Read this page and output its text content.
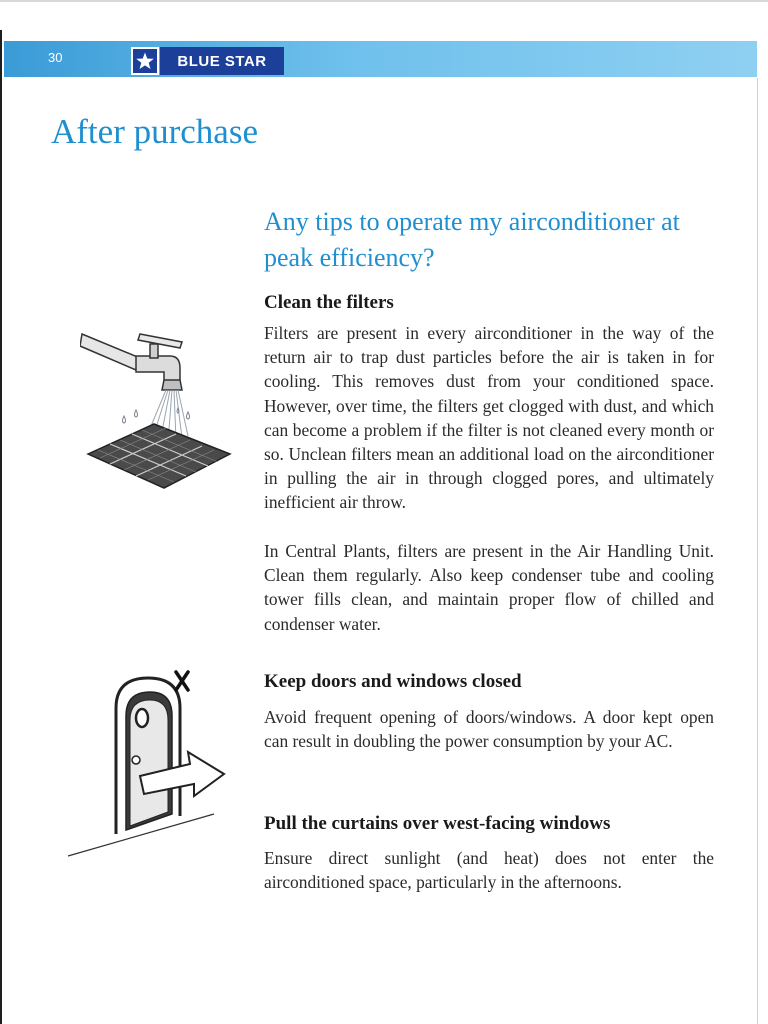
30	BLUE STAR
After purchase
Any tips to operate my airconditioner at peak efficiency?
Clean the filters

Filters are present in every airconditioner in the way of the return air to trap dust particles before the air is taken in for cooling. This removes dust from your conditioned space. However, over time, the filters get clogged with dust, and which can become a problem if the filter is not cleaned every month or so. Unclean filters mean an additional load on the airconditioner in pulling the air in through clogged pores, and ultimately inefficient air throw.

In Central Plants, filters are present in the Air Handling Unit. Clean them regularly. Also keep condenser tube and cooling tower fills clean, and maintain proper flow of chilled and condenser water.

Keep doors and windows closed

Avoid frequent opening of doors/windows. A door kept open can result in doubling the power consumption by your AC.

Pull the curtains over west-facing windows

Ensure direct sunlight (and heat) does not enter the airconditioned space, particularly in the afternoons.
